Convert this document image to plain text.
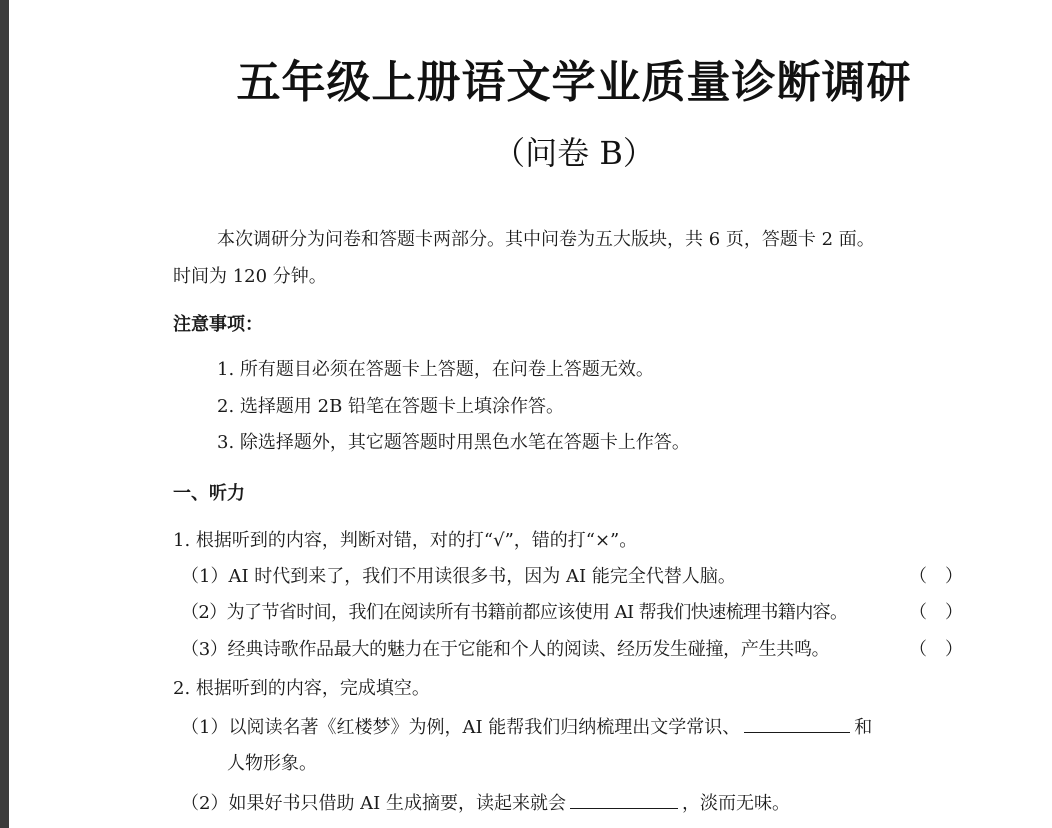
五年级上册语文学业质量诊断调研
（问卷 B）
本次调研分为问卷和答题卡两部分。其中问卷为五大版块，共 6 页，答题卡 2 面。
时间为 120 分钟。
注意事项：
1. 所有题目必须在答题卡上答题，在问卷上答题无效。
2. 选择题用 2B 铅笔在答题卡上填涂作答。
3. 除选择题外，其它题答题时用黑色水笔在答题卡上作答。
一、听力
1. 根据听到的内容，判断对错，对的打“√”，错的打“×”。
（1）AI 时代到来了，我们不用读很多书，因为 AI 能完全代替人脑。	（　）
（2）为了节省时间，我们在阅读所有书籍前都应该使用 AI 帮我们快速梳理书籍内容。	（　）
（3）经典诗歌作品最大的魅力在于它能和个人的阅读、经历发生碰撞，产生共鸣。	（　）
2. 根据听到的内容，完成填空。
（1）以阅读名著《红楼梦》为例，AI 能帮我们归纳梳理出文学常识、	和
人物形象。
（2）如果好书只借助 AI 生成摘要，读起来就会	，淡而无味。
